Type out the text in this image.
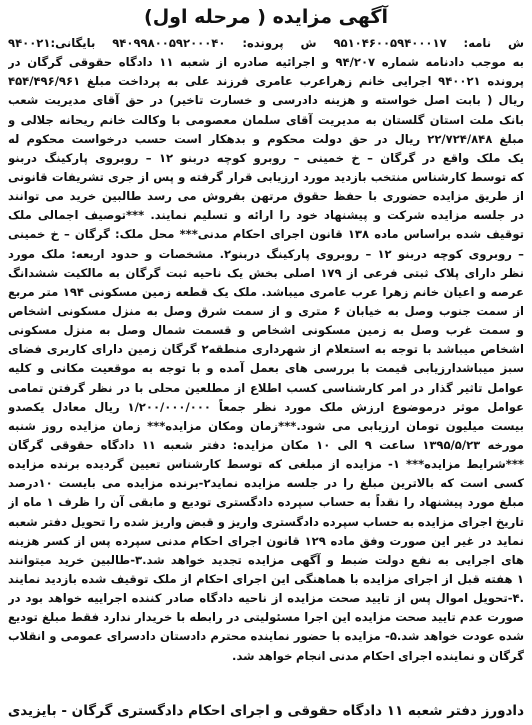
آگهی مزایده ( مرحله اول)
ش نامه: ۹۵۱۰۴۶۰۰۵۹۴۰۰۰۱۷ ش پرونده: ۹۴۰۹۹۸۰۰۵۹۲۰۰۰۴۰ بایگانی:۹۴۰۰۲۱
به موجب دادنامه شماره ۹۴/۲۰۷ و اجرائیه صادره از شعبه ۱۱ دادگاه حقوقی گرگان در
پرونده ۹۴۰۰۲۱ اجرایی خانم زهراعرب عامری فرزند علی به پرداخت مبلغ ۴۵۴/۴۹۶/۹۶۱
ریال ( بابت اصل خواسته و هزینه دادرسی و خسارت تاخیر) در حق آقای مدیریت شعب
بانک ملت استان گلستان به مدیریت آقای سلمان معصومی با وکالت خانم ریحانه جلالی و
مبلغ ۲۲/۷۲۴/۸۴۸ ریال در حق دولت محکوم و بدهکار است حسب درخواست محکوم له
یک ملک واقع در گرگان – خ خمینی – روبرو کوچه دربنو ۱۲ – روبروی پارکینگ دربنو
که توسط کارشناس منتخب بازدید مورد ارزیابی قرار گرفته و پس از جری تشریفات قانونی
از طریق مزایده حضوری با حفظ حقوق مرتهن بفروش می رسد طالبین خرید می توانند
در جلسه مزایده شرکت و پیشنهاد خود را ارائه و تسلیم نمایند. ***توصیف اجمالی ملک
توقیف شده براساس ماده ۱۳۸ قانون اجرای احکام مدنی*** محل ملک: گرگان – خ خمینی
– روبروی کوچه دربنو ۱۲ – روبروی پارکینگ دربنو۲. مشخصات و حدود اربعه: ملک مورد
نظر دارای پلاک ثبتی فرعی از ۱۷۹ اصلی بخش یک ناحیه ثبت گرگان به مالکیت ششدانگ
عرصه و اعیان خانم زهرا عرب عامری میباشد. ملک یک قطعه زمین مسکونی ۱۹۴ متر مربع
از سمت جنوب وصل به خیابان ۶ متری و از سمت شرق وصل به منزل مسکونی اشخاص
و سمت غرب وصل به زمین مسکونی اشخاص و قسمت شمال وصل به منزل مسکونی
اشخاص میباشد با توجه به استعلام از شهرداری منطقه۲ گرگان زمین دارای کاربری فضای
سبز میباشدارزیابی قیمت با بررسی های بعمل آمده و با توجه به موقعیت مکانی و کلیه
عوامل تاثیر گذار در امر کارشناسی کسب اطلاع از مطلعین محلی با در نظر گرفتن تمامی
عوامل موثر درموضوع ارزش ملک مورد نظر جمعاً ۱/۲۰۰/۰۰۰/۰۰۰ ریال معادل یکصدو
بیست میلیون تومان ارزیابی می شود.***زمان ومکان مزایده*** زمان مزایده روز شنبه
مورخه ۱۳۹۵/۵/۲۳ ساعت ۹ الی ۱۰ مکان مزایده: دفتر شعبه ۱۱ دادگاه حقوقی گرگان
***شرایط مزایده*** ۱- مزایده از مبلغی که توسط کارشناس تعیین گردیده برنده مزایده
کسی است که بالاترین مبلغ را در جلسه مزایده نماید۲-برنده مزایده می بایست ۱۰درصد
مبلغ مورد پیشنهاد را نقداً به حساب سپرده دادگستری تودیع و مابقی آن را ظرف ۱ ماه از
تاریخ اجرای مزایده به حساب سپرده دادگستری واریز و قبض واریز شده را تحویل دفتر شعبه
نماید در غیر این صورت وفق ماده ۱۲۹ قانون اجرای احکام مدنی سپرده پس از کسر هزینه
های اجرایی به نفع دولت ضبط و آگهی مزایده تجدید خواهد شد.۳-طالبین خرید میتوانند
۱ هفته قبل از اجرای مزایده با هماهنگی این اجرای احکام از ملک توقیف شده بازدید نمایند
.۴-تحویل اموال پس از تایید صحت مزایده از ناحیه دادگاه صادر کننده اجراییه خواهد بود در
صورت عدم تایید صحت مزایده این اجرا مسئولیتی در رابطه با خریدار ندارد فقط مبلغ تودیع
شده عودت خواهد شد.۵- مزایده با حضور نماینده محترم دادستان دادسرای عمومی و انقلاب
گرگان و نماینده اجرای احکام مدنی انجام خواهد شد.
دادورز دفتر شعبه ۱۱ دادگاه حقوقی و اجرای احکام دادگستری گرگان - بایزیدی
